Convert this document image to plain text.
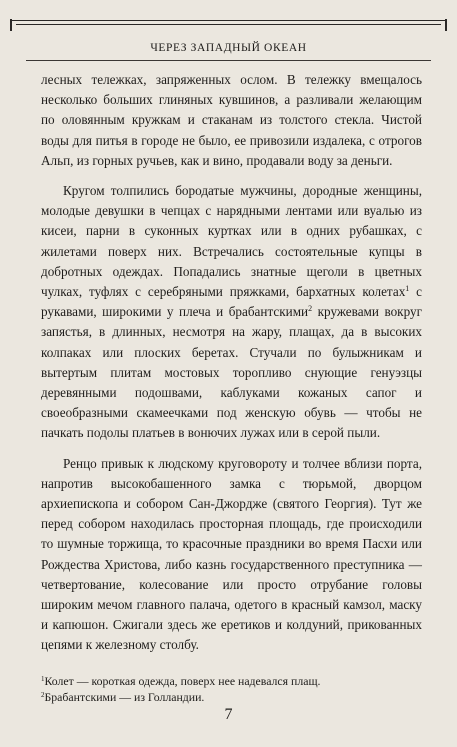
ЧЕРЕЗ ЗАПАДНЫЙ ОКЕАН

лесных тележках, запряженных ослом. В тележку вмещалось несколько больших глиняных кувшинов, а разливали желающим по оловянным кружкам и стаканам из толстого стекла. Чистой воды для питья в городе не было, ее привозили издалека, с отрогов Альп, из горных ручьев, как и вино, продавали воду за деньги.

Кругом толпились бородатые мужчины, дородные женщины, молодые девушки в чепцах с нарядными лентами или вуалью из кисеи, парни в суконных куртках или в одних рубашках, с жилетами поверх них. Встречались состоятельные купцы в добротных одеждах. Попадались знатные щеголи в цветных чулках, туфлях с серебряными пряжками, бархатных колетах$^1$ с рукавами, широкими у плеча и брабантскими$^2$ кружевами вокруг запястья, в длинных, несмотря на жару, плащах, да в высоких колпаках или плоских беретах. Стучали по булыжникам и вытертым плитам мостовых торопливо снующие генуэзцы деревянными подошвами, каблуками кожаных сапог и своеобразными скамеечками под женскую обувь — чтобы не пачкать подолы платьев в вонючих лужах или в серой пыли.

Ренцо привык к людскому круговороту и толчее вблизи порта, напротив высокобашенного замка с тюрьмой, дворцом архиепископа и собором Сан-Джордже (святого Георгия). Тут же перед собором находилась просторная площадь, где происходили то шумные торжища, то красочные праздники во время Пасхи или Рождества Христова, либо казнь государственного преступника — четвертование, колесование или просто отрубание головы широким мечом главного палача, одетого в красный камзол, маску и капюшон. Сжигали здесь же еретиков и колдуний, прикованных цепями к железному столбу.

$^1$Колет — короткая одежда, поверх нее надевался плащ.
$^2$Брабантскими — из Голландии.
7
